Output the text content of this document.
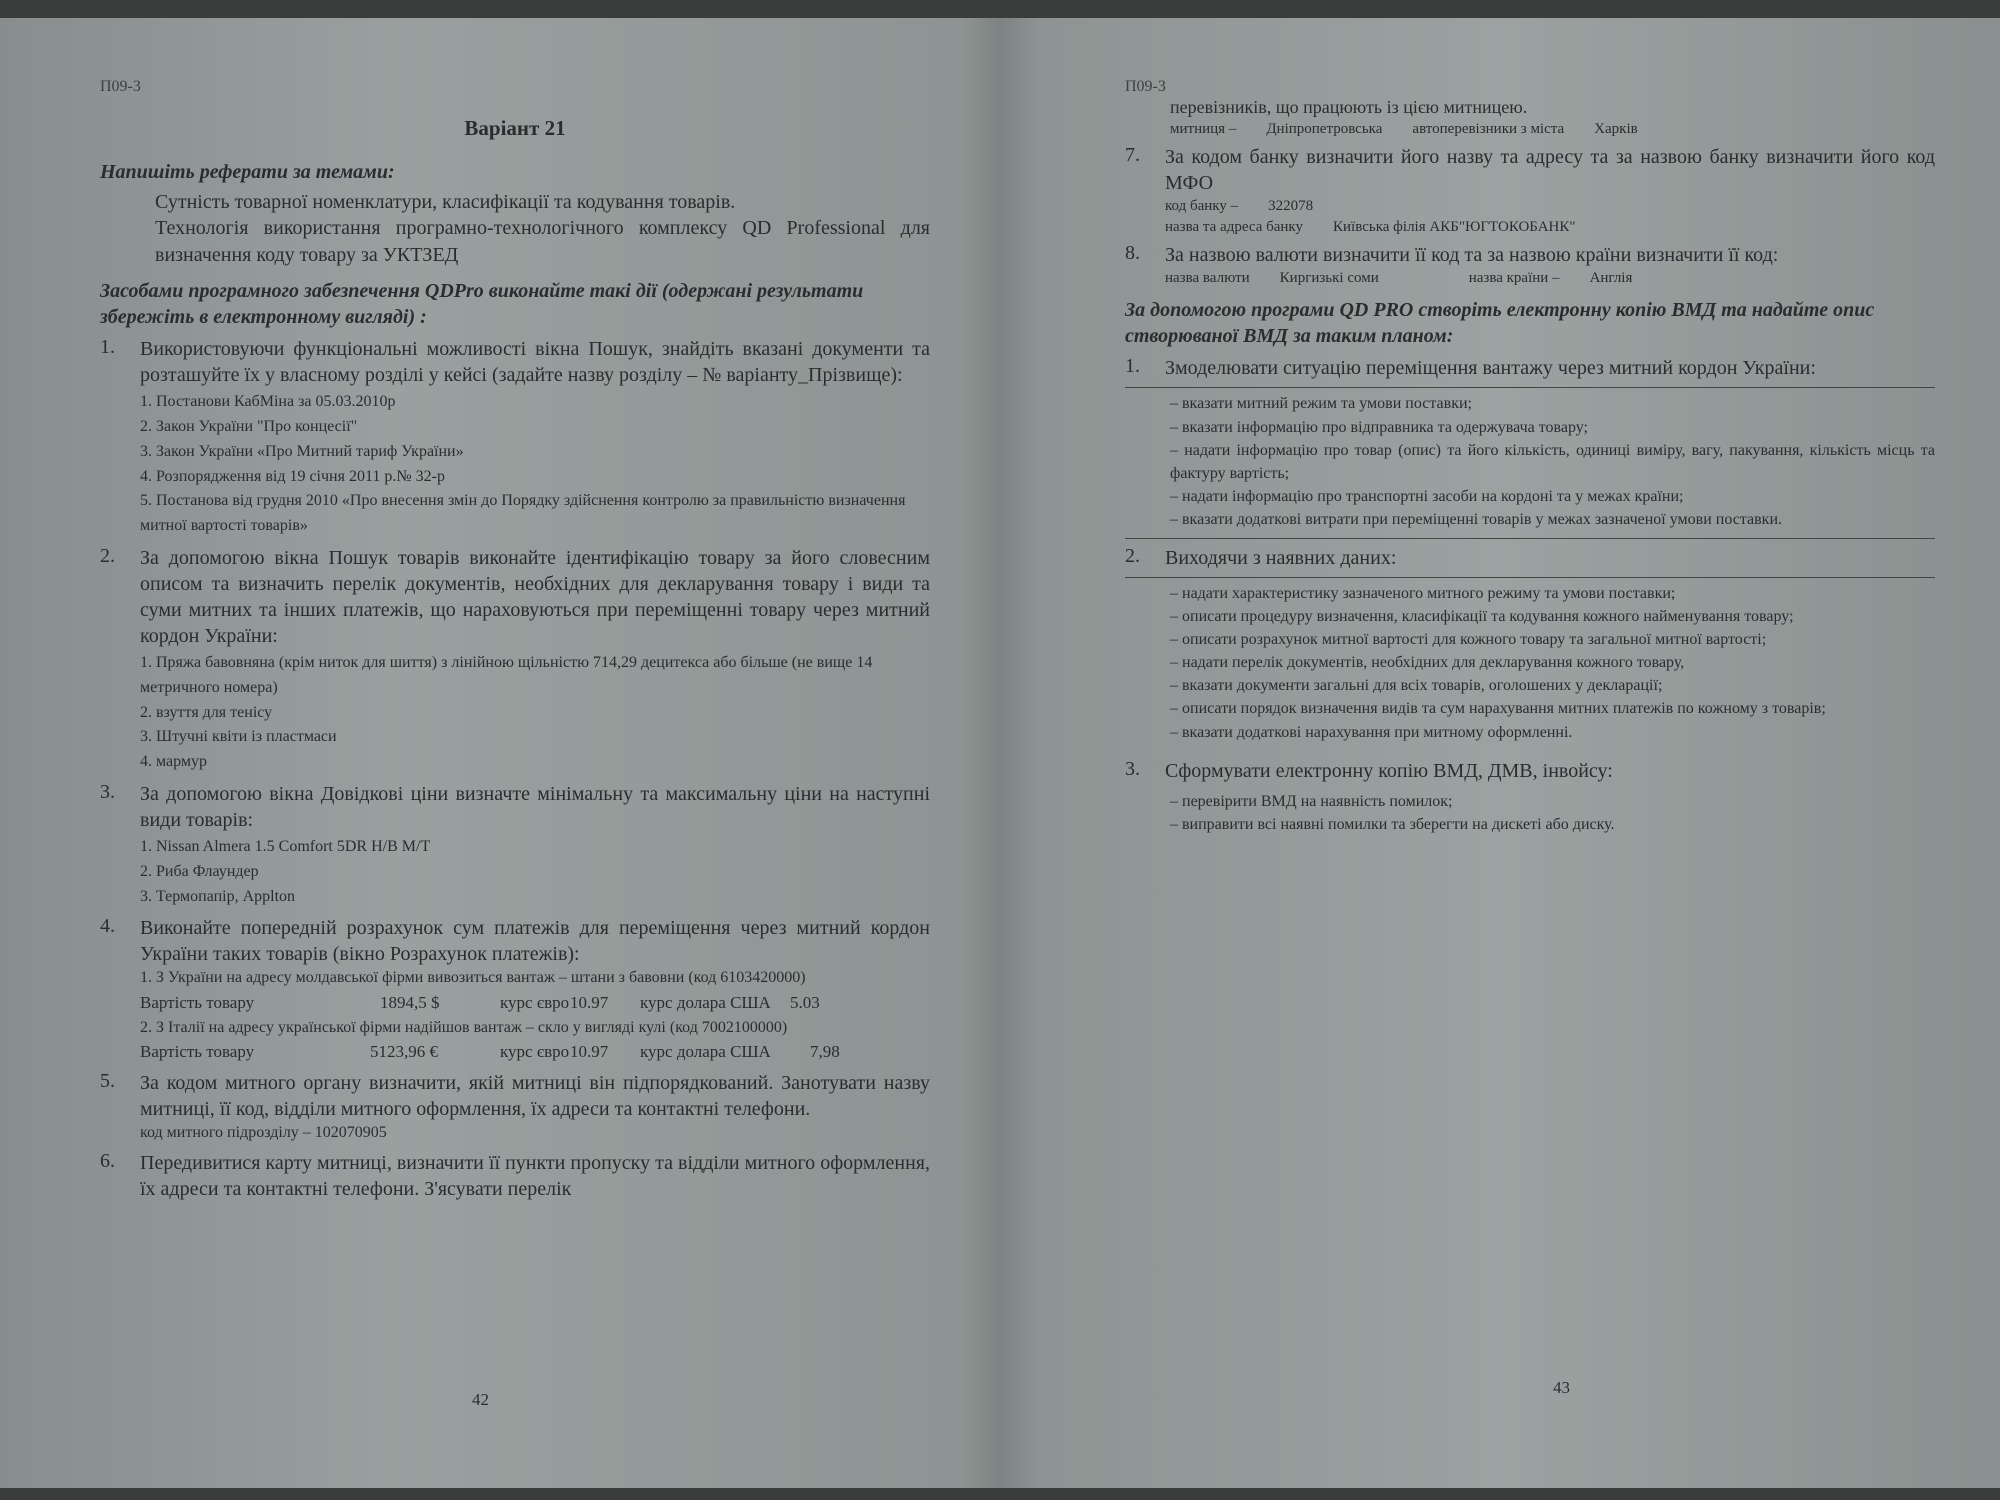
П09-3
Варіант 21
Напишіть реферати за темами:
Сутність товарної номенклатури, класифікації та кодування товарів.
Технологія використання програмно-технологічного комплексу QD Professional для визначення коду товару за УКТЗЕД
Засобами програмного забезпечення QDPro виконайте такі дії (одержані результати збережіть в електронному вигляді) :
1. Використовуючи функціональні можливості вікна Пошук, знайдіть вказані документи та розташуйте їх у власному розділі у кейсі (задайте назву розділу – № варіанту_Прізвище):
1. Постанови КабМіна за 05.03.2010р
2. Закон України "Про концесії"
3. Закон України «Про Митний тариф України»
4. Розпорядження від 19 січня 2011 р.№ 32-р
5. Постанова від грудня 2010 «Про внесення змін до Порядку здійснення контролю за правильністю визначення митної вартості товарів»
2. За допомогою вікна Пошук товарів виконайте ідентифікацію товару за його словесним описом та визначить перелік документів, необхідних для декларування товару і види та суми митних та інших платежів, що нараховуються при переміщенні товару через митний кордон України:
1. Пряжа бавовняна (крім ниток для шиття) з лінійною щільністю 714,29 децитекса або більше (не вище 14 метричного номера)
2. взуття для тенісу
3. Штучні квіти із пластмаси
4. мармур
3. За допомогою вікна Довідкові ціни визначте мінімальну та максимальну ціни на наступні види товарів:
1. Nissan Almera 1.5 Comfort 5DR H/B M/T
2. Риба Флаундер
3. Термопапір, Applton
4. Виконайте попередній розрахунок сум платежів для переміщення через митний кордон України таких товарів (вікно Розрахунок платежів):
1. З України на адресу молдавської фірми вивозиться вантаж – штани з бавовни (код 6103420000)
Вартість товару	1894,5 $	курс євро 10.97	курс долара США	5.03
2. З Італії на адресу української фірми надійшов вантаж – скло у вигляді кулі (код 7002100000)
Вартість товару	5123,96 €	курс євро 10.97	курс долара США	7,98
5. За кодом митного органу визначити, якій митниці він підпорядкований. Занотувати назву митниці, її код, відділи митного оформлення, їх адреси та контактні телефони.
код митного підрозділу – 102070905
6. Передивитися карту митниці, визначити її пункти пропуску та відділи митного оформлення, їх адреси та контактні телефони. З'ясувати перелік
42
П09-3
перевізників, що працюють із цією митницею.
митниця – Дніпропетровська автоперевізники з міста Харків
7. За кодом банку визначити його назву та адресу та за назвою банку визначити його код МФО
код банку – 322078
назва та адреса банку Київська філія АКБ"ЮГТОКОБАНК"
8. За назвою валюти визначити її код та за назвою країни визначити її код:
назва валюти Киргизькі соми	назва країни – Англія
За допомогою програми QD PRO створіть електронну копію ВМД та надайте опис створюваної ВМД за таким планом:
1. Змоделювати ситуацію переміщення вантажу через митний кордон України:
– вказати митний режим та умови поставки;
– вказати інформацію про відправника та одержувача товару;
– надати інформацію про товар (опис) та його кількість, одиниці виміру, вагу, пакування, кількість місць та фактуру вартість;
– надати інформацію про транспортні засоби на кордоні та у межах країни;
– вказати додаткові витрати при переміщенні товарів у межах зазначеної умови поставки.
2. Виходячи з наявних даних:
– надати характеристику зазначеного митного режиму та умови поставки;
– описати процедуру визначення, класифікації та кодування кожного найменування товару;
– описати розрахунок митної вартості для кожного товару та загальної митної вартості;
– надати перелік документів, необхідних для декларування кожного товару,
– вказати документи загальні для всіх товарів, оголошених у декларації;
– описати порядок визначення видів та сум нарахування митних платежів по кожному з товарів;
– вказати додаткові нарахування при митному оформленні.
3. Сформувати електронну копію ВМД, ДМВ, інвойсу:
– перевірити ВМД на наявність помилок;
– виправити всі наявні помилки та зберегти на дискеті або диску.
43
